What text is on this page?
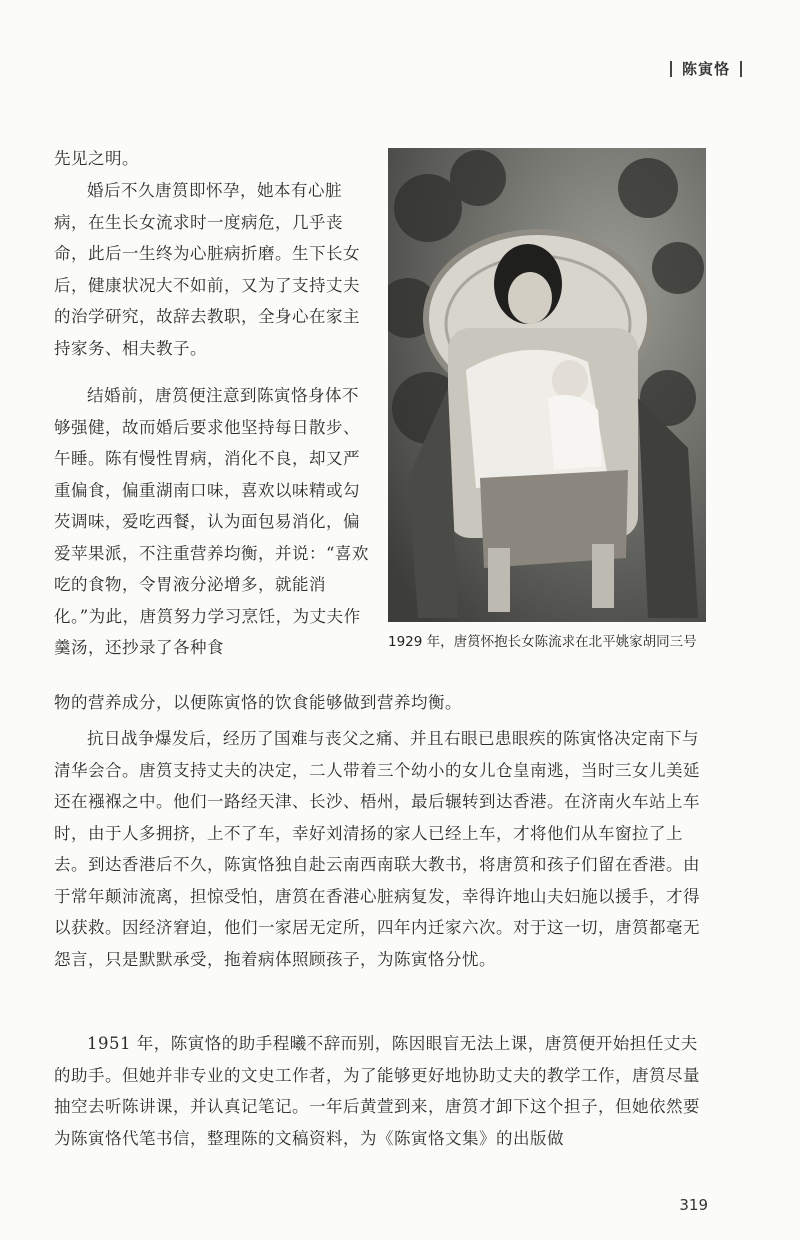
陈寅恪

先见之明。

婚后不久唐筼即怀孕，她本有心脏病，在生长女流求时一度病危，几乎丧命，此后一生终为心脏病折磨。生下长女后，健康状况大不如前，又为了支持丈夫的治学研究，故辞去教职，全身心在家主持家务、相夫教子。

结婚前，唐筼便注意到陈寅恪身体不够强健，故而婚后要求他坚持每日散步、午睡。陈有慢性胃病，消化不良，却又严重偏食，偏重湖南口味，喜欢以味精或勾芡调味，爱吃西餐，认为面包易消化，偏爱苹果派，不注重营养均衡，并说：“喜欢吃的食物，令胃液分泌增多，就能消化。”为此，唐筼努力学习烹饪，为丈夫作羹汤，还抄录了各种食	1929 年，唐筼怀抱长女陈流求在北平姚家胡同三号

物的营养成分，以便陈寅恪的饮食能够做到营养均衡。

抗日战争爆发后，经历了国难与丧父之痛、并且右眼已患眼疾的陈寅恪决定南下与清华会合。唐筼支持丈夫的决定，二人带着三个幼小的女儿仓皇南逃，当时三女儿美延还在襁褓之中。他们一路经天津、长沙、梧州，最后辗转到达香港。在济南火车站上车时，由于人多拥挤，上不了车，幸好刘清扬的家人已经上车，才将他们从车窗拉了上去。到达香港后不久，陈寅恪独自赴云南西南联大教书，将唐筼和孩子们留在香港。由于常年颠沛流离，担惊受怕，唐筼在香港心脏病复发，幸得许地山夫妇施以援手，才得以获救。因经济窘迫，他们一家居无定所，四年内迁家六次。对于这一切，唐筼都毫无怨言，只是默默承受，拖着病体照顾孩子，为陈寅恪分忧。

1951 年，陈寅恪的助手程曦不辞而别，陈因眼盲无法上课，唐筼便开始担任丈夫的助手。但她并非专业的文史工作者，为了能够更好地协助丈夫的教学工作，唐筼尽量抽空去听陈讲课，并认真记笔记。一年后黄萱到来，唐筼才卸下这个担子，但她依然要为陈寅恪代笔书信，整理陈的文稿资料，为《陈寅恪文集》的出版做

319
